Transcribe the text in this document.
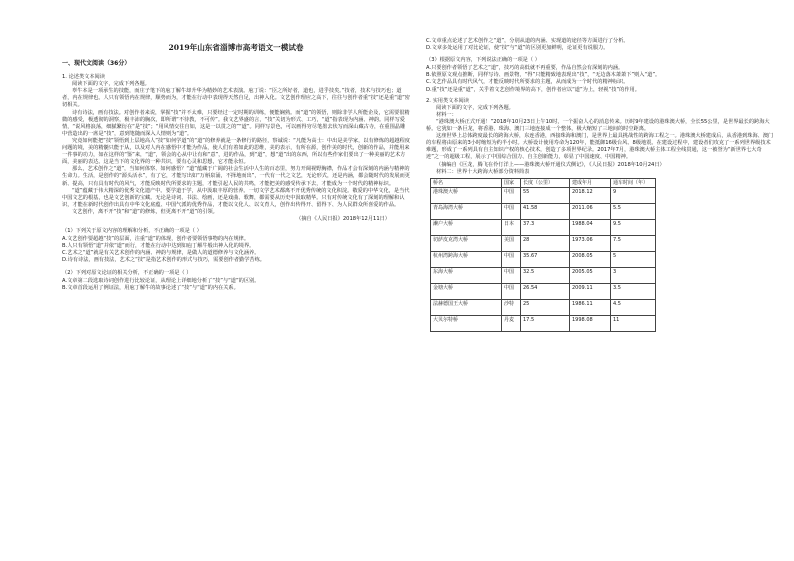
2019年山东省淄博市高考语文一模试卷
一、现代文阅读（36分）

1. 论述类文本阅读

阅读下面的文字，完成下列各题。

辜牛本是一项承生的技能，而庄子笔下的庖丁解牛却升华为精妙的艺术表演。庖丁说：“臣之所好者，道也，进乎技矣。”技者，技术与技巧也；道者，内在规律也。人只有领悟内在规律，顺势而为，才能在行动中表现得天然自足，出神入化。文艺创作理应之高下，往往与创作者重“技”还是重“道”密切相关。

诗有诗法，画有技法。对创作者来说，掌握“技”并不太难，只要经过一定时期的训练，便能娴熟。而“道”的领悟，则除非学人所能企及，它需要很精微的感受，极透彻的洞察，极丰沛的胸次，即所谓“不待教，不可传”。我文艺界盛的言，“技”关切为形式、工巧，“道”指表现为内涵、神韵。同样写爱情，“说风格浪荡，细腻繁衍在“是”技”；“用风情交往自如，这是一以贯之的”“道”。同样写景色，可以画得穷尽笔墨去状写而深山藏古寺，在重围晶雕中营造出的一席是“技”，意到笔随而深入人情则为“道”。

究竟如何能把“技”领悟到上层地高人”技”如何学道”的“道”的修养就是一条修行的路径，察诚说：“凡能为高士：中出是美学家，以有修炼的超越程度问题的境，美的精髓只能于从，以及对人内在感悟中才能为作品，使人们有着如此的思维，美的表示，有所在源，创作美的时代，创新的作品，并能用来一件事的功力，如在这样的“鉴”来，“道”，领会的心从中让有和“意”，进的作品，到“道”，想“道”出的东西，所以有些作家们要出了一种美丽的艺术方面，美丽的表达。这是当下的文化界的一种共识，要有心灵和思想，它才能永恒。

那么，艺术创作之“道”，当如何体察、如何感悟？“道”蕴藏于广阔的社会生活中人生的百态里，努力开阔视野胸襟，作品才会有深刻的内涵与精神的生命力。生活，是创作的“源头活水”，有了它，才能写出如“万斛泉涌，不择地而出”，一代有一代之文艺，无论形式，还是内涵，都会随时代的发展而更新、提高，只有具有时代的风气，才能反映时代所要求的主题，才能引起人民的共鸣，才能把美的感受传承下去，才能成为一个时代的精神标识。

“道”蕴藏于伟大精深的优秀文化遗产中。要学道于学，从中汲取丰厚的营养。一切文学艺术都离不开优秀传统的文化积淀。敬爱的中华文化，是当代中国文艺的根基，也是文艺创新的宝藏。无论是诗词、书法、绘画，还是戏曲、歌舞，都需要从历史中汲取精华。只有对传统文化有了深刻的理解和认识，才能在新时代创作出具有中华文化底蕴、中国气派的优秀作品，才能以文化人、以文育人，创作出传得开、留得下、为人民群众所喜爱的作品。

文艺创作，离不开“技”和“道”的修炼，但更离不开“道”的引领。

（摘自《人民日报》2018年12月11日）

（1）下列关于原文内容的理解和分析，不正确的一项是（ ）

A.文艺创作要超越“技”的层面，注重“道”的体现，创作者要领悟事物的内在规律。

B.人只有领悟“道”并依“道”而行，才能在行动中达到如庖丁解牛般出神入化的境界。

C.艺术之“道”就是有关艺术创作的内涵、神韵与规律，是做人的道德修养与文化涵养。

D.诗有诗法，画有技法，艺术之“技”是指艺术创作的形式与技巧，需要创作者勤学苦练。

（2）下列对原文论证的相关分析，不正确的一项是（ ）

A.文章第二段选取诗词创作进行比较论证，从理论上详细地分析了“技”与“道”的区别。

B.文章首段运用了例证法，用庖丁解牛的故事论述了“技”与“道”的内在关系。

C.文章重点论述了艺术创作之“道”，分别从道的内涵、实现道的途径等方面进行了分析。

D.文章多处运用了对比论证，使“技”与“道”的区别更加鲜明，论证更有说服力。

（3）根据原文内容，下列说法正确的一项是（ ）

A.只要创作者领悟了艺术之“道”，技巧的高低就不再重要，作品自然会有深刻的内涵。

B.依照原文观点推断，同样写诗、画景物，“得”只能精致地表现出“技”，“无边落木萧萧下”则入“道”。

C.文艺作品具有时代风气，才能反映时代所要求的主题，从而成为一个时代的精神标识。

D.重“技”还是重“道”，关乎着文艺创作境界的高下，创作者应以“道”为上，轻视“技”的作用。

2. 实用类文本阅读

阅读下面的文字，完成下列各题。

材料一：

“港珠澳大桥正式开通！”2018年10月23日上午10时，一个振奋人心的消息传来。历时9年建设的港珠澳大桥，全长55公里，是世界最长的跨海大桥。它犹如一条巨龙，将香港、珠海、澳门三地连接成一个整体，极大缩短了三地间的时空距离。

这座世界上总体跨度最长的跨海大桥，东连香港，西接珠海和澳门，是世界上最具挑战性的跨海工程之一。港珠澳大桥建成后，从香港到珠海、澳门的车程将由原来的3小时缩短为约半小时。大桥设计使用寿命为120年，能抵御16级台风、8级地震。在建设过程中，建设者们攻克了一系列世界级技术难题，形成了一系列具有自主知识产权的核心技术，创造了多项世界纪录。2017年7月，港珠澳大桥主体工程全线贯通，这一被誉为“新世界七大奇迹”之一的超级工程，展示了中国综合国力、自主创新能力，彰显了中国速度、中国精神。

（摘编自《巨龙，腾飞在伶仃洋上——港珠澳大桥开通仪式侧记》，《人民日报》2018年10月24日）

材料二：世界十大跨海大桥部分资料简表

桥名	国家	长度（公里）	建成年月	通车时间（年）
港珠澳大桥	中国	55	2018.12	9
青岛海湾大桥	中国	41.58	2011.06	5.5
濑户大桥	日本	37.3	1988.04	9.5
切萨皮克湾大桥	美国	28	1973.06	7.5
杭州湾跨海大桥	中国	35.67	2008.05	5
东海大桥	中国	32.5	2005.05	3
金塘大桥	中国	26.54	2009.11	3.5
法赫德国王大桥	沙特	25	1986.11	4.5
大贝尔特桥	丹麦	17.5	1998.08	11
